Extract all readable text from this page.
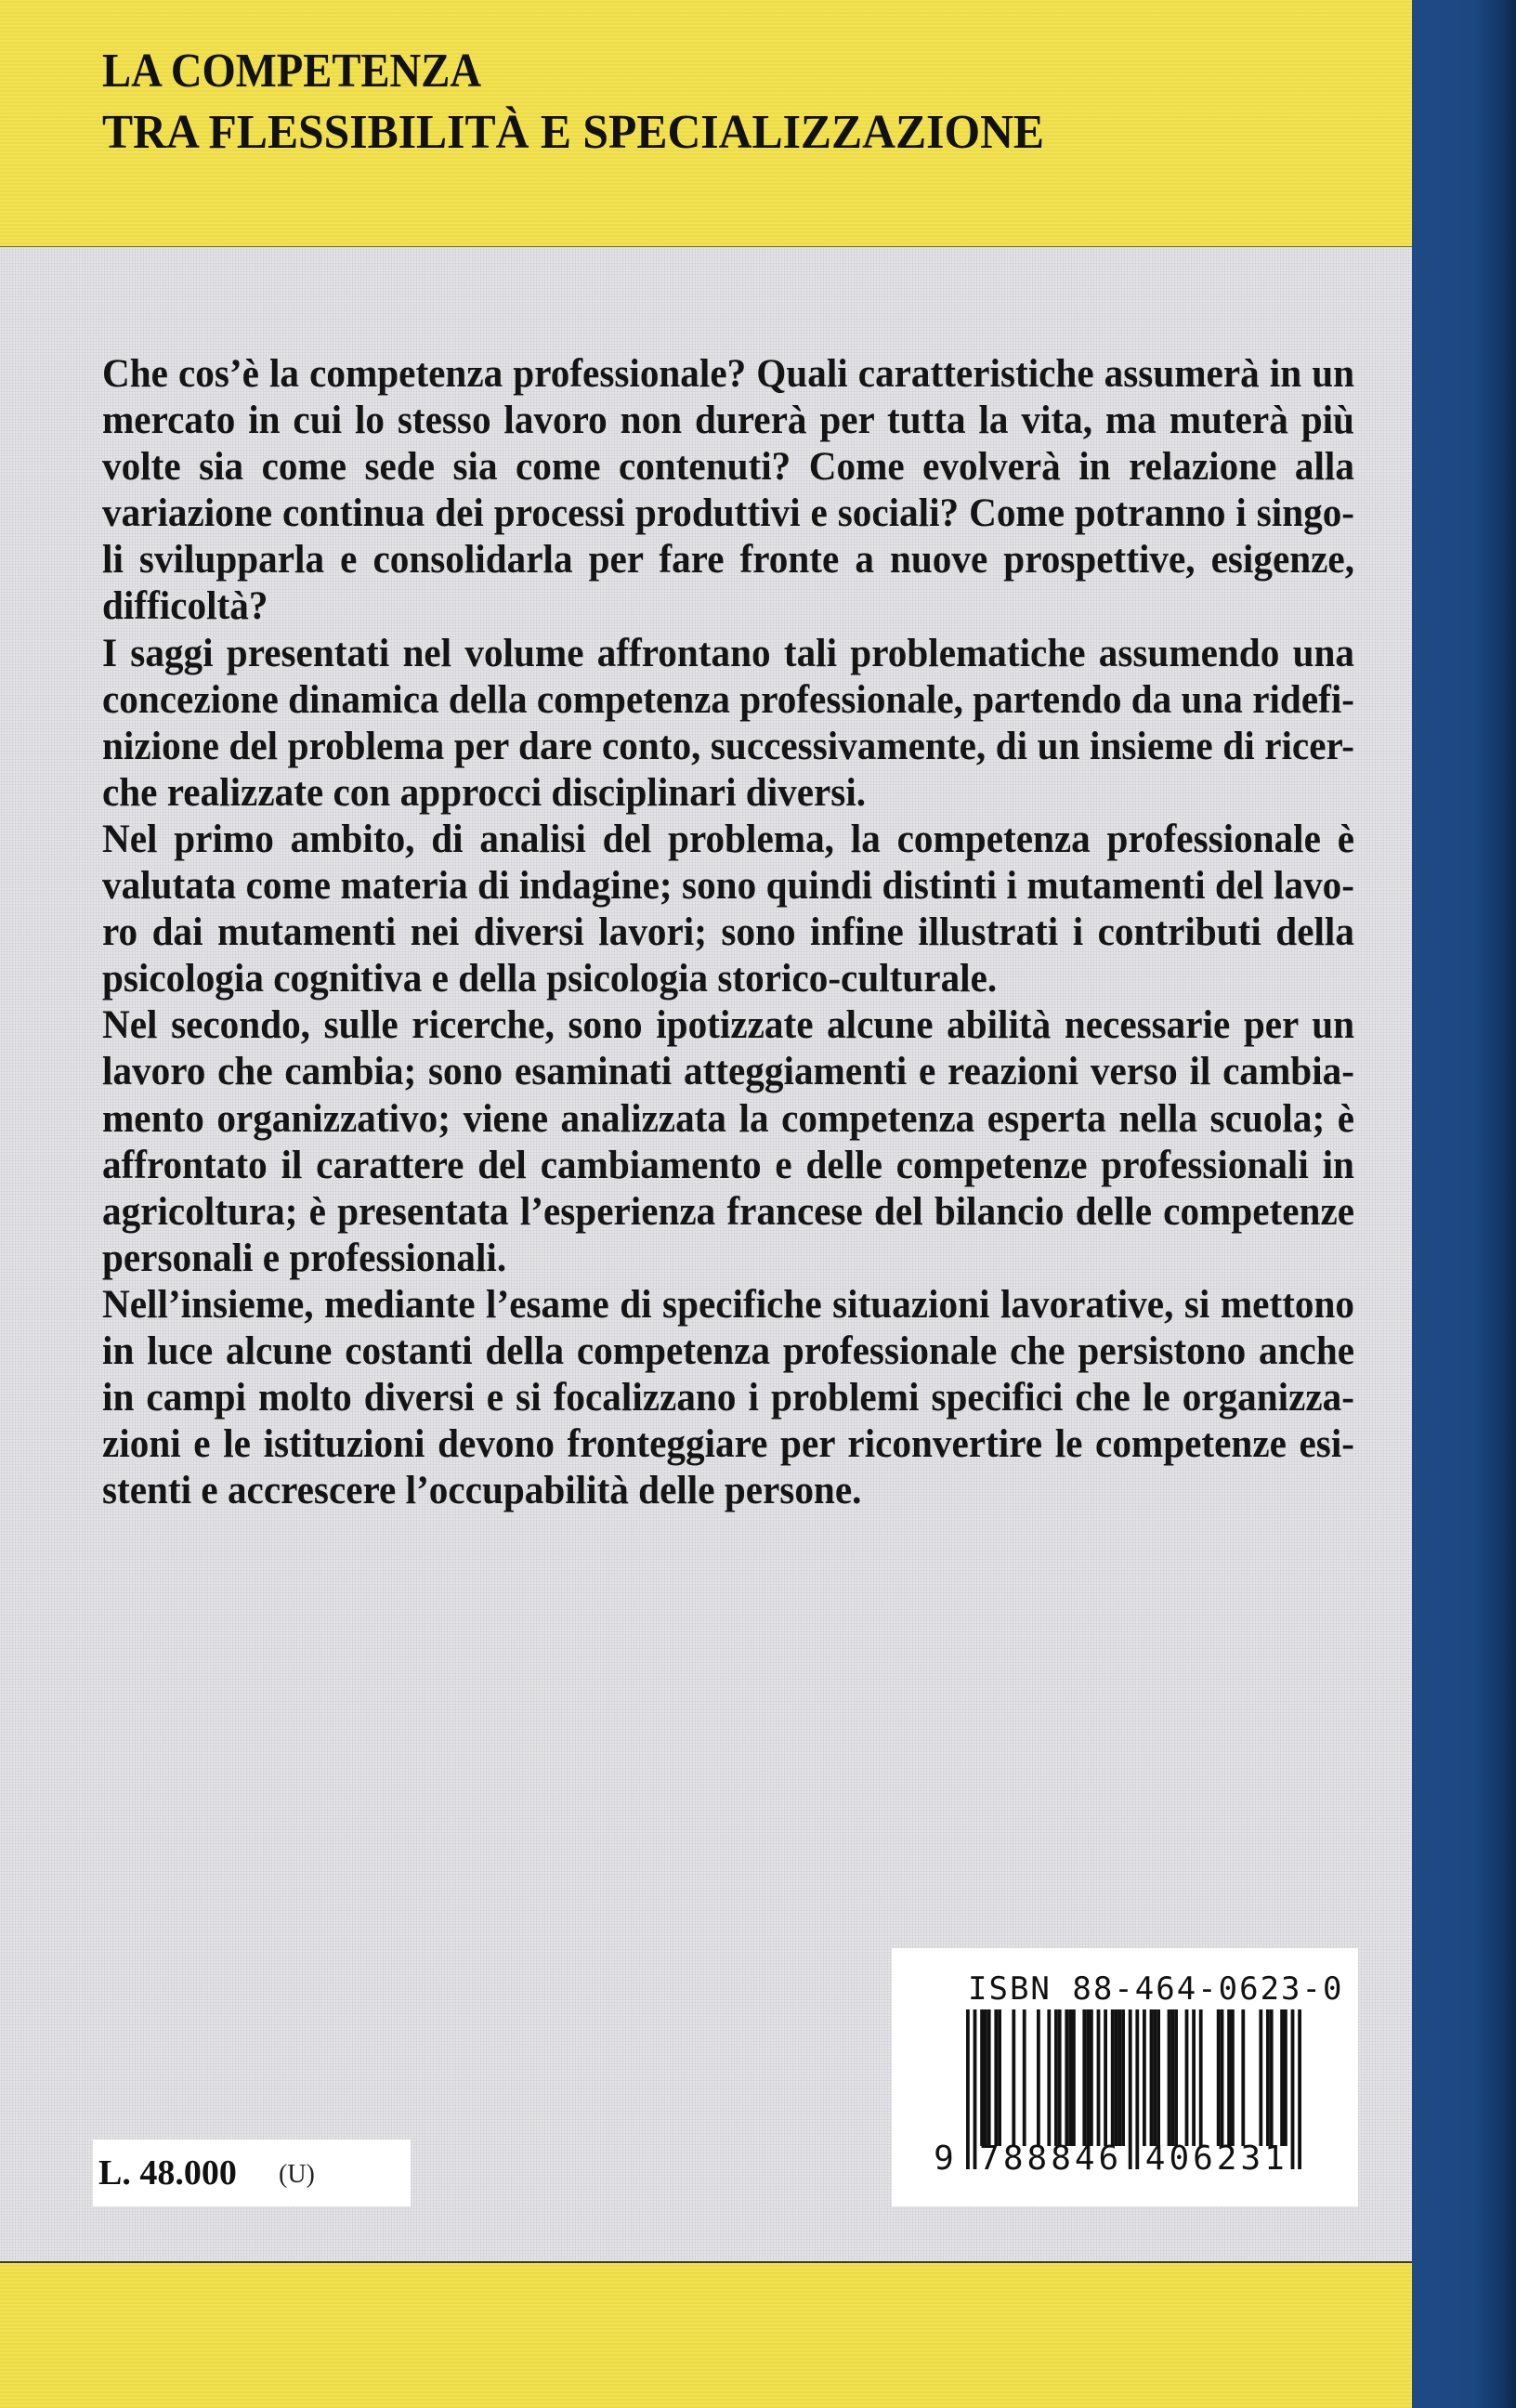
LA COMPETENZA
TRA FLESSIBILITÀ E SPECIALIZZAZIONE
Che cos’è la competenza professionale? Quali caratteristiche assumerà in un
mercato in cui lo stesso lavoro non durerà per tutta la vita, ma muterà più
volte sia come sede sia come contenuti? Come evolverà in relazione alla
variazione continua dei processi produttivi e sociali? Come potranno i singo-
li svilupparla e consolidarla per fare fronte a nuove prospettive, esigenze,
difficoltà?
I saggi presentati nel volume affrontano tali problematiche assumendo una
concezione dinamica della competenza professionale, partendo da una ridefi-
nizione del problema per dare conto, successivamente, di un insieme di ricer-
che realizzate con approcci disciplinari diversi.
Nel primo ambito, di analisi del problema, la competenza professionale è
valutata come materia di indagine; sono quindi distinti i mutamenti del lavo-
ro dai mutamenti nei diversi lavori; sono infine illustrati i contributi della
psicologia cognitiva e della psicologia storico-culturale.
Nel secondo, sulle ricerche, sono ipotizzate alcune abilità necessarie per un
lavoro che cambia; sono esaminati atteggiamenti e reazioni verso il cambia-
mento organizzativo; viene analizzata la competenza esperta nella scuola; è
affrontato il carattere del cambiamento e delle competenze professionali in
agricoltura; è presentata l’esperienza francese del bilancio delle competenze
personali e professionali.
Nell’insieme, mediante l’esame di specifiche situazioni lavorative, si mettono
in luce alcune costanti della competenza professionale che persistono anche
in campi molto diversi e si focalizzano i problemi specifici che le organizza-
zioni e le istituzioni devono fronteggiare per riconvertire le competenze esi-
stenti e accrescere l’occupabilità delle persone.
ISBN 88-464-0623-0
9 788846 406231
L. 48.000 (U)
